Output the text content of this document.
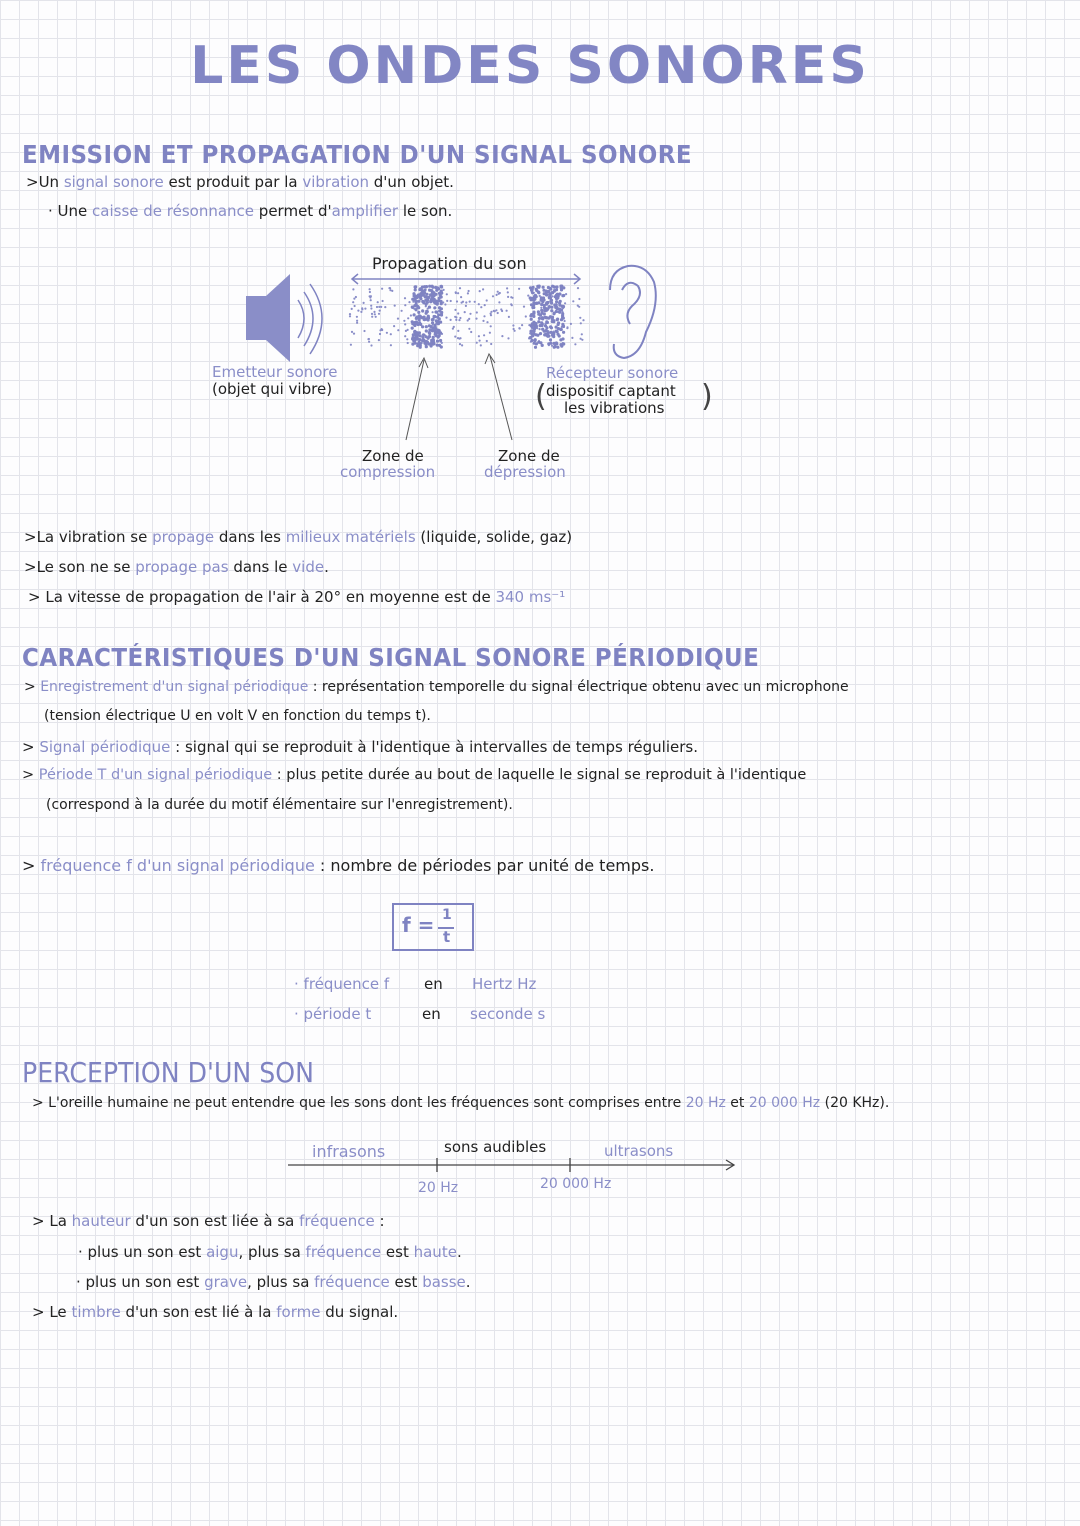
LES ONDES SONORES
EMISSION ET PROPAGATION D'UN SIGNAL SONORE
>Un signal sonore est produit par la vibration d'un objet.
· Une caisse de résonnance permet d'amplifier le son.
Propagation du son
Emetteur sonore
(objet qui vibre)
Récepteur sonore
( dispositif captant
les vibrations )
Zone de
compression
Zone de
dépression
>La vibration se propage dans les milieux matériels (liquide, solide, gaz)
>Le son ne se propage pas dans le vide.
> La vitesse de propagation de l'air à 20° en moyenne est de 340 ms⁻¹
CARACTÉRISTIQUES D'UN SIGNAL SONORE PÉRIODIQUE
> Enregistrement d'un signal périodique : représentation temporelle du signal électrique obtenu avec un microphone
(tension électrique U en volt V en fonction du temps t).
> Signal périodique : signal qui se reproduit à l'identique à intervalles de temps réguliers.
> Période T d'un signal périodique : plus petite durée au bout de laquelle le signal se reproduit à l'identique
(correspond à la durée du motif élémentaire sur l'enregistrement).
> fréquence f d'un signal périodique : nombre de périodes par unité de temps.
f = 1
t
· fréquence f en Hertz Hz
· période t	en seconde s
PERCEPTION D'UN SON
> L'oreille humaine ne peut entendre que les sons dont les fréquences sont comprises entre 20 Hz et 20 000 Hz (20 KHz).
infrasons	sons audibles	ultrasons
20 Hz	20 000 Hz
> La hauteur d'un son est liée à sa fréquence :
· plus un son est aigu, plus sa fréquence est haute.
· plus un son est grave, plus sa fréquence est basse.
> Le timbre d'un son est lié à la forme du signal.
